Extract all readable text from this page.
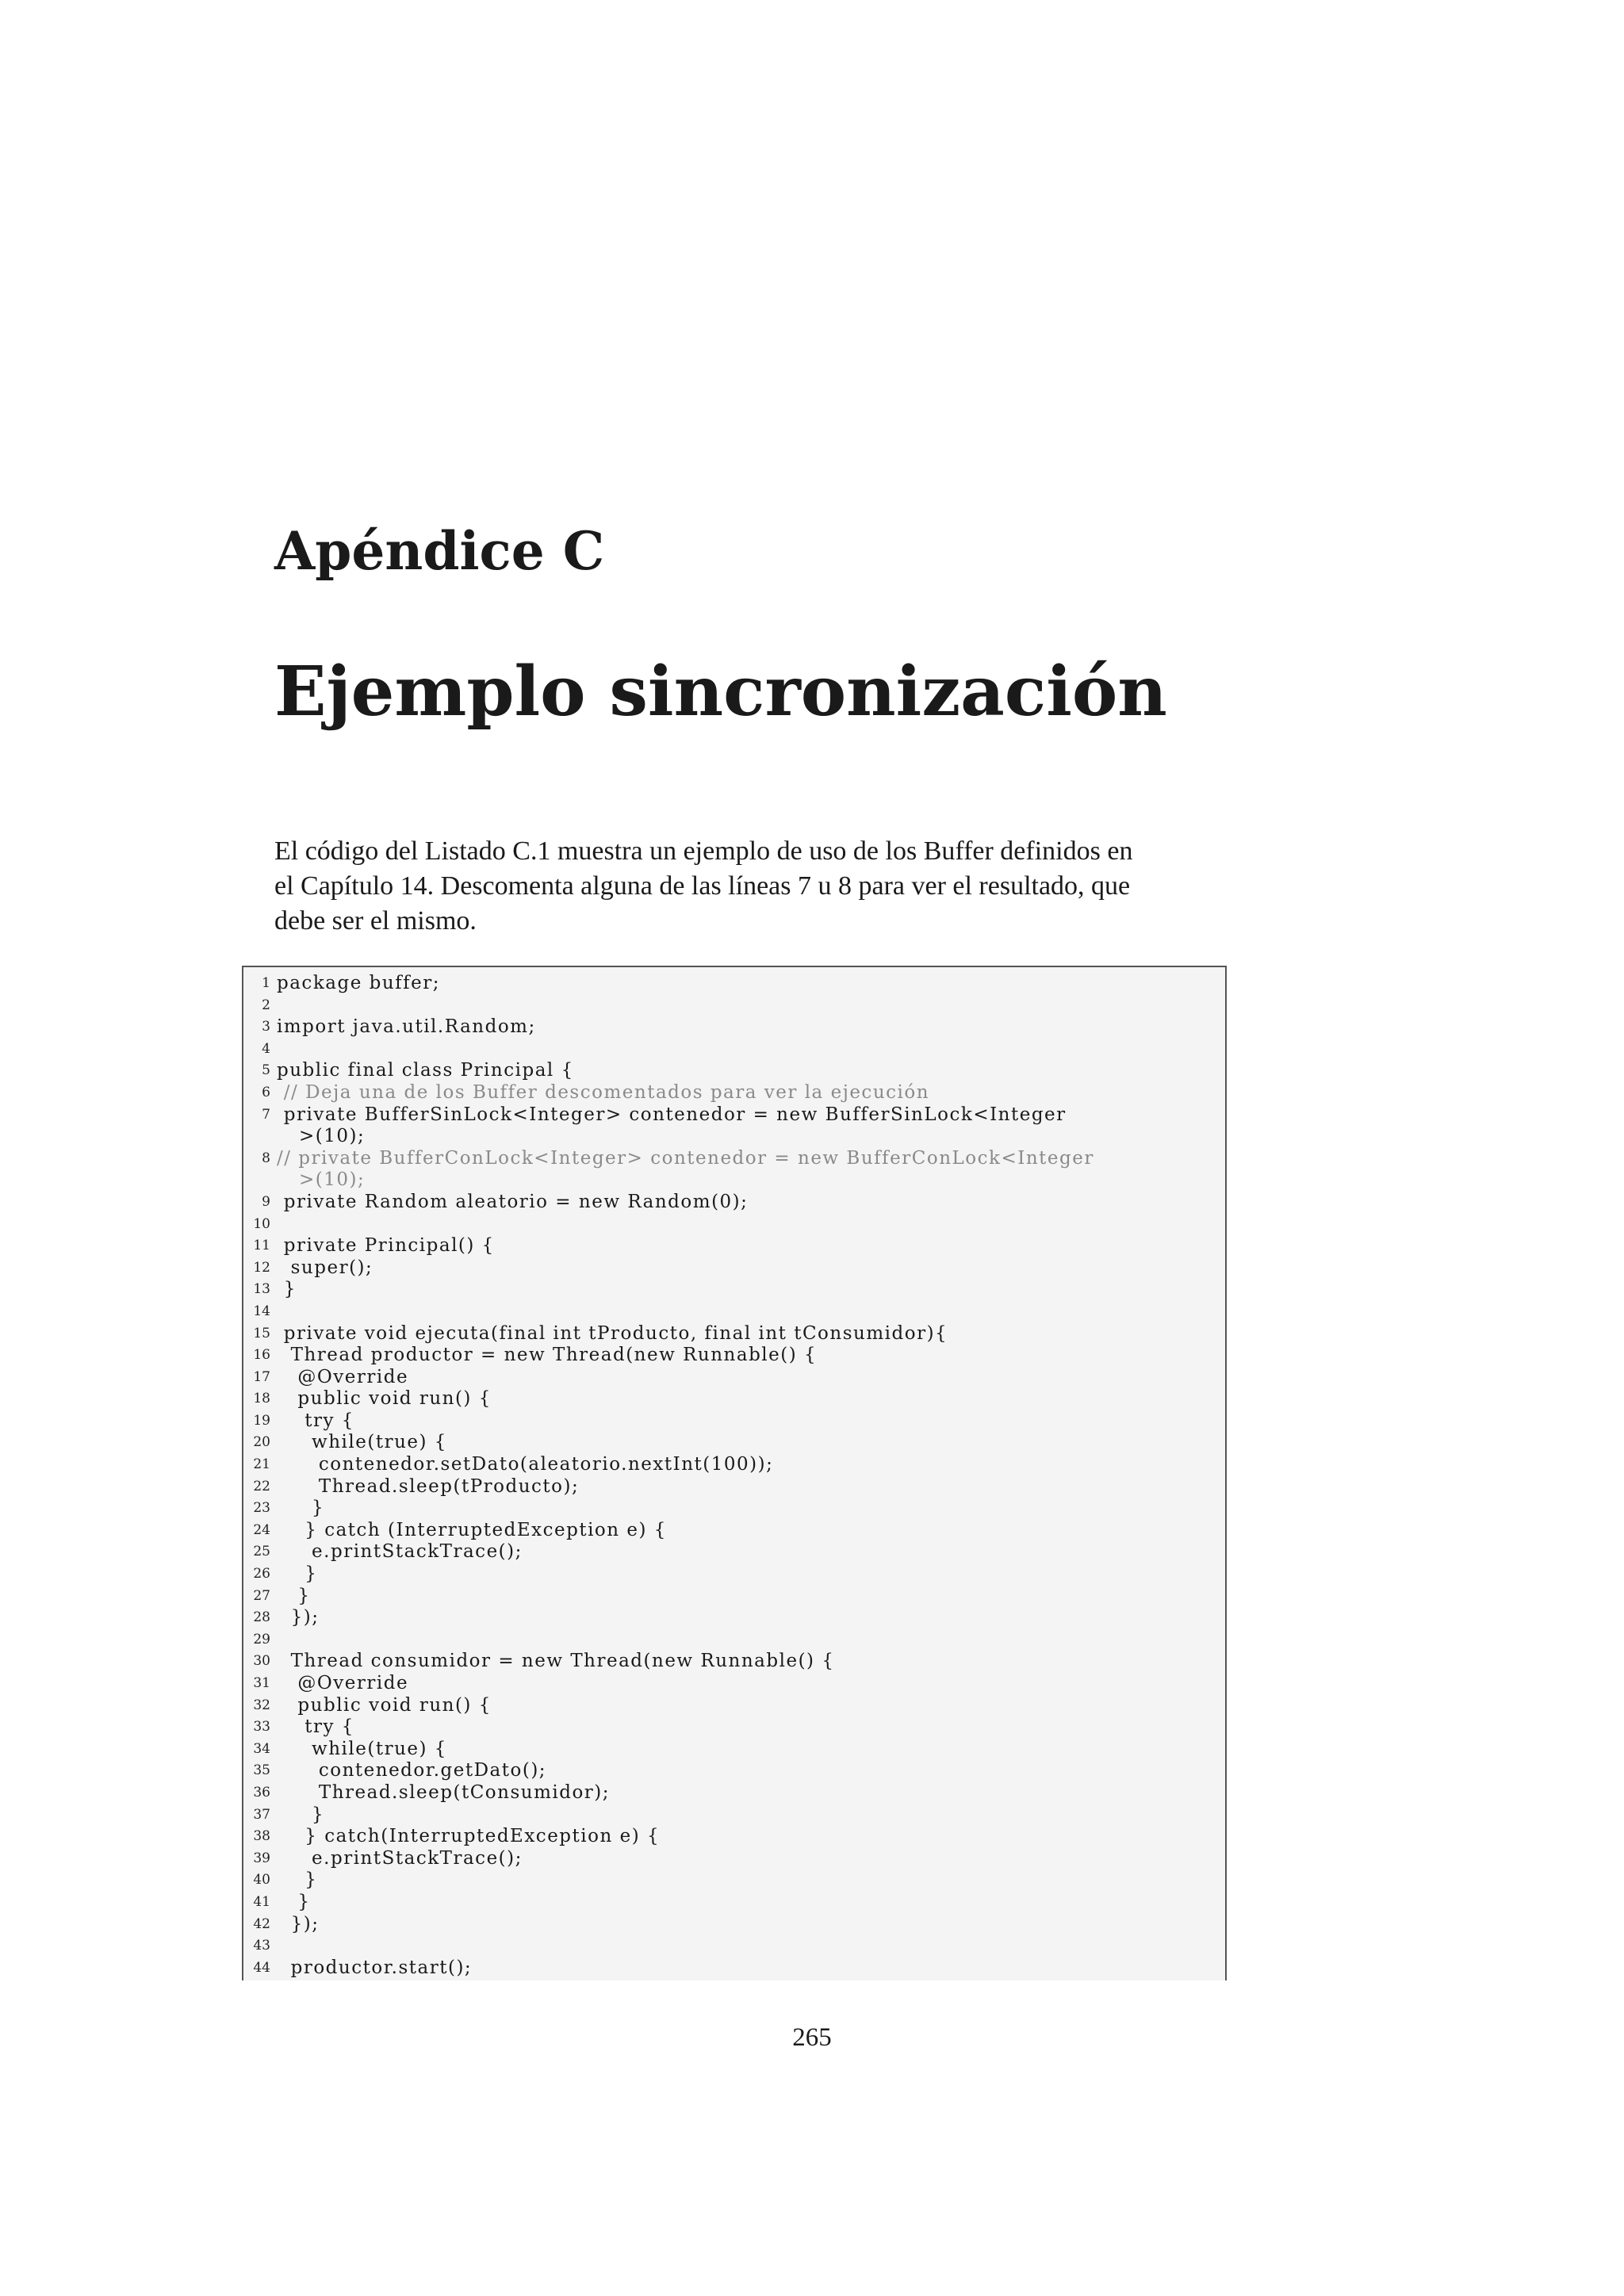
Apéndice C
Ejemplo sincronización

El código del Listado C.1 muestra un ejemplo de uso de los Buffer definidos en
el Capítulo 14. Descomenta alguna de las líneas 7 u 8 para ver el resultado, que
debe ser el mismo.

1 package buffer;
2
3 import java.util.Random;
4
5 public final class Principal {
6 // Deja una de los Buffer descomentados para ver la ejecución
7 private BufferSinLock<Integer> contenedor = new BufferSinLock<Integer
>(10);
8 // private BufferConLock<Integer> contenedor = new BufferConLock<Integer
>(10);
9 private Random aleatorio = new Random(0);
10
11 private Principal() {
12 super();
13 }
14
15 private void ejecuta(final int tProducto, final int tConsumidor){
16 Thread productor = new Thread(new Runnable() {
17 @Override
18 public void run() {
19 try {
20 while(true) {
21 contenedor.setDato(aleatorio.nextInt(100));
22 Thread.sleep(tProducto);
23 }
24 } catch (InterruptedException e) {
25 e.printStackTrace();
26 }
27 }
28 });
29
30 Thread consumidor = new Thread(new Runnable() {
31 @Override
32 public void run() {
33 try {
34 while(true) {
35 contenedor.getDato();
36 Thread.sleep(tConsumidor);
37 }
38 } catch(InterruptedException e) {
39 e.printStackTrace();
40 }
41 }
42 });
43
44 productor.start();
265
